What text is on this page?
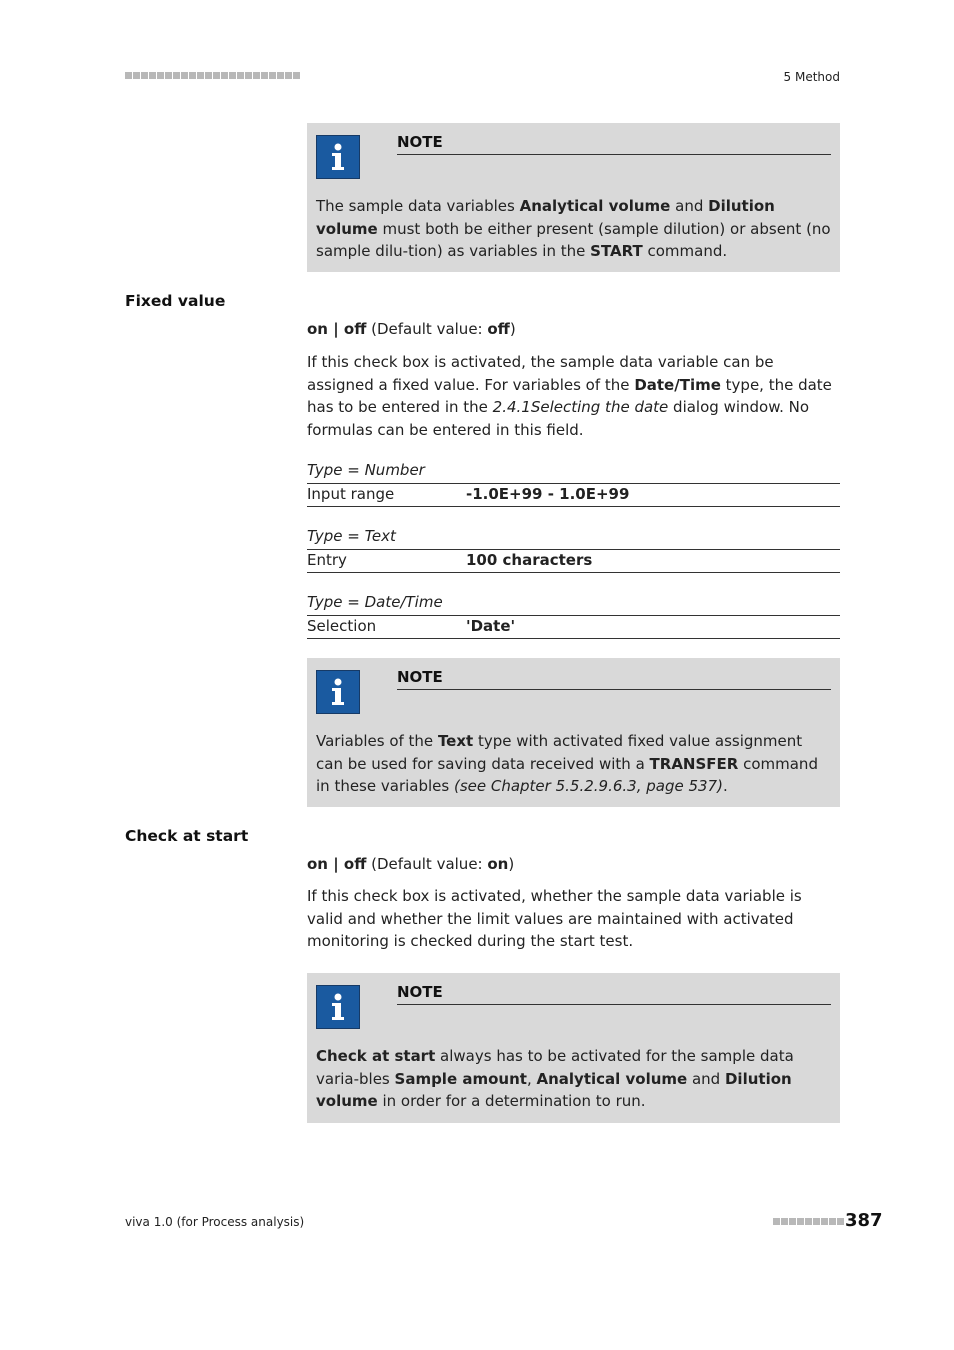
5 Method
NOTE
The sample data variables Analytical volume and Dilution volume must both be either present (sample dilution) or absent (no sample dilu-tion) as variables in the START command.
Fixed value
on | off (Default value: off)
If this check box is activated, the sample data variable can be assigned a fixed value. For variables of the Date/Time type, the date has to be entered in the 2.4.1Selecting the date dialog window. No formulas can be entered in this field.
Type = Number
Input range	-1.0E+99 - 1.0E+99
Type = Text
Entry	100 characters
Type = Date/Time
Selection	'Date'
NOTE
Variables of the Text type with activated fixed value assignment can be used for saving data received with a TRANSFER command in these variables (see Chapter 5.5.2.9.6.3, page 537).
Check at start
on | off (Default value: on)
If this check box is activated, whether the sample data variable is valid and whether the limit values are maintained with activated monitoring is checked during the start test.
NOTE
Check at start always has to be activated for the sample data varia-bles Sample amount, Analytical volume and Dilution volume in order for a determination to run.
viva 1.0 (for Process analysis)	387
